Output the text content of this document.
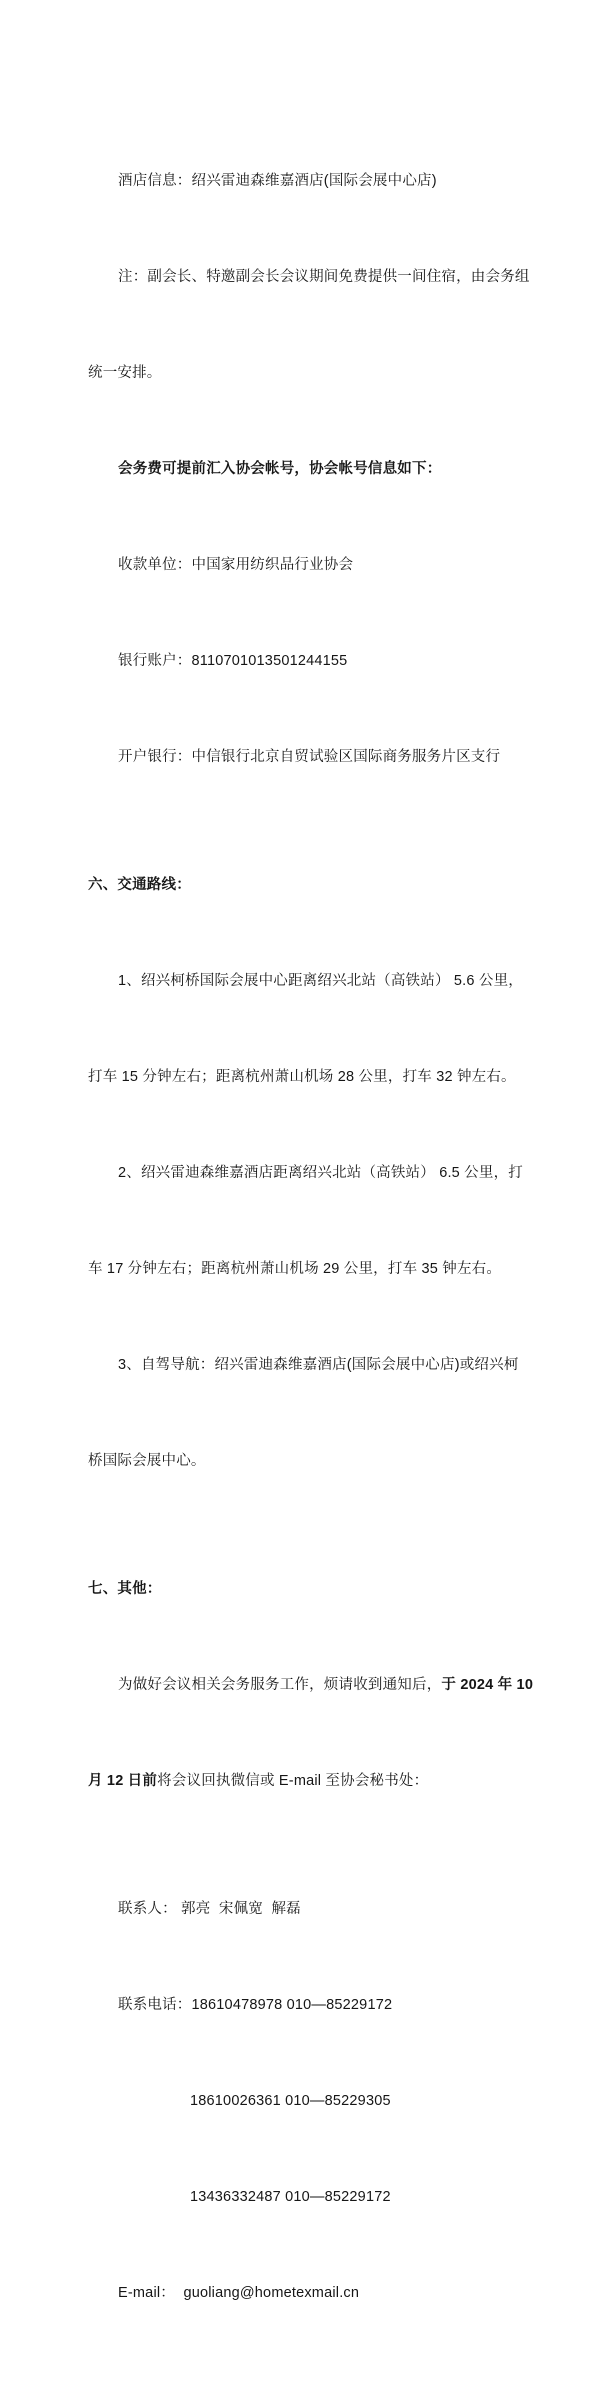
酒店信息：绍兴雷迪森维嘉酒店(国际会展中心店)

注：副会长、特邀副会长会议期间免费提供一间住宿，由会务组

统一安排。

会务费可提前汇入协会帐号，协会帐号信息如下：

收款单位：中国家用纺织品行业协会

银行账户：8110701013501244155

开户银行：中信银行北京自贸试验区国际商务服务片区支行

六、交通路线：

1、绍兴柯桥国际会展中心距离绍兴北站（高铁站） 5.6 公里，

打车 15 分钟左右；距离杭州萧山机场 28 公里，打车 32 钟左右。

2、绍兴雷迪森维嘉酒店距离绍兴北站（高铁站） 6.5 公里，打

车 17 分钟左右；距离杭州萧山机场 29 公里，打车 35 钟左右。

3、自驾导航：绍兴雷迪森维嘉酒店(国际会展中心店)或绍兴柯

桥国际会展中心。

七、其他：

为做好会议相关会务服务工作，烦请收到通知后，于 2024 年 10

月 12 日前将会议回执微信或 E-mail 至协会秘书处：

联系人： 郭亮  宋佩宽  解磊

联系电话：18610478978 010—85229172

18610026361 010—85229305

13436332487 010—85229172

E-mail：  guoliang@hometexmail.cn
